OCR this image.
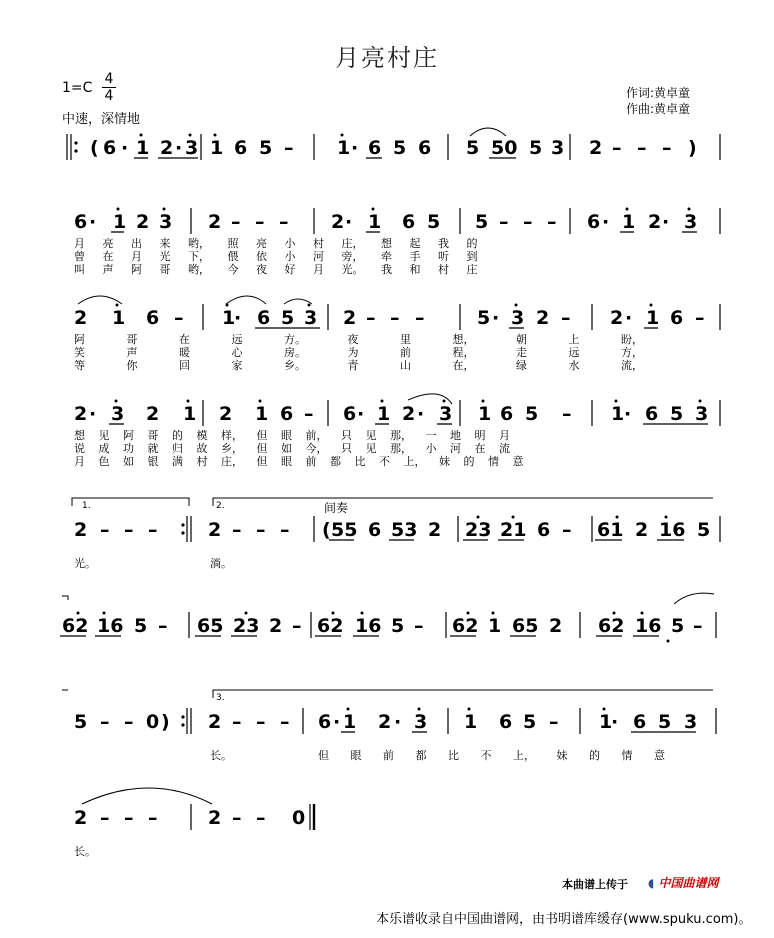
月亮村庄
1=C
4
4
中速，深情地
作词:黄卓童
作曲:黄卓童
( 6 · 1 2 · 3 1 6 5 – 1 · 6 5 6 5 50 5 3 2 – – – )
6 · 1 2 3 2 – – – 2 · 1 6 5 5 – – – 6 · 1 2 · 3
2 1 6 – 1
· 6 5 3 2 – – –	5 · 3 2 – 2 · 1 6 –
2 · 3 2 1 2 1 6 – 6 · 1 2 · 3 1 6 5 – 1 · 6 5 3
2 – – –	2 – – – ( 55 6 53 2 23 21 6 – 61 2 16 5
62 16 5 – 65 23 2 – 62 16 5 – 62 1 65 2 62 16 5 –
5 – – 0 ) 2 – – – 6 · 1 2 · 3 1 6 5 – 1
· 6 5 3
2 – – –	2 – – 0
1.	2.
3.
间奏
月 亮 出 来 哟， 照 亮 小 村 庄， 想 起 我 的
曾 在 月 光 下， 偎 依 小 河 旁， 牵 手 听 到
叫 声 阿 哥 哟， 今 夜 好 月 光。 我 和 村 庄
阿 哥 在 远 方。 夜 里 想， 朝 上 盼，
笑 声 暖 心 房。 为 前 程， 走 远 方，
等 你 回 家 乡。 青 山 在， 绿 水 流，
想 见 阿 哥 的 模 样， 但 眼 前， 只 见 那， 一 地 明 月
说 成 功 就 归 故 乡， 但 如 今， 只 见 那， 小 河 在 流
月 色 如 银 满 村 庄， 但 眼 前 都 比 不 上， 妹 的 情 意
光。	淌。
长。	但 眼 前 都 比 不 上， 妹 的 情 意
长。
本曲谱上传于 ◖ 中国曲谱网
本乐谱收录自中国曲谱网，由书明谱库缓存(www.spuku.com)。
